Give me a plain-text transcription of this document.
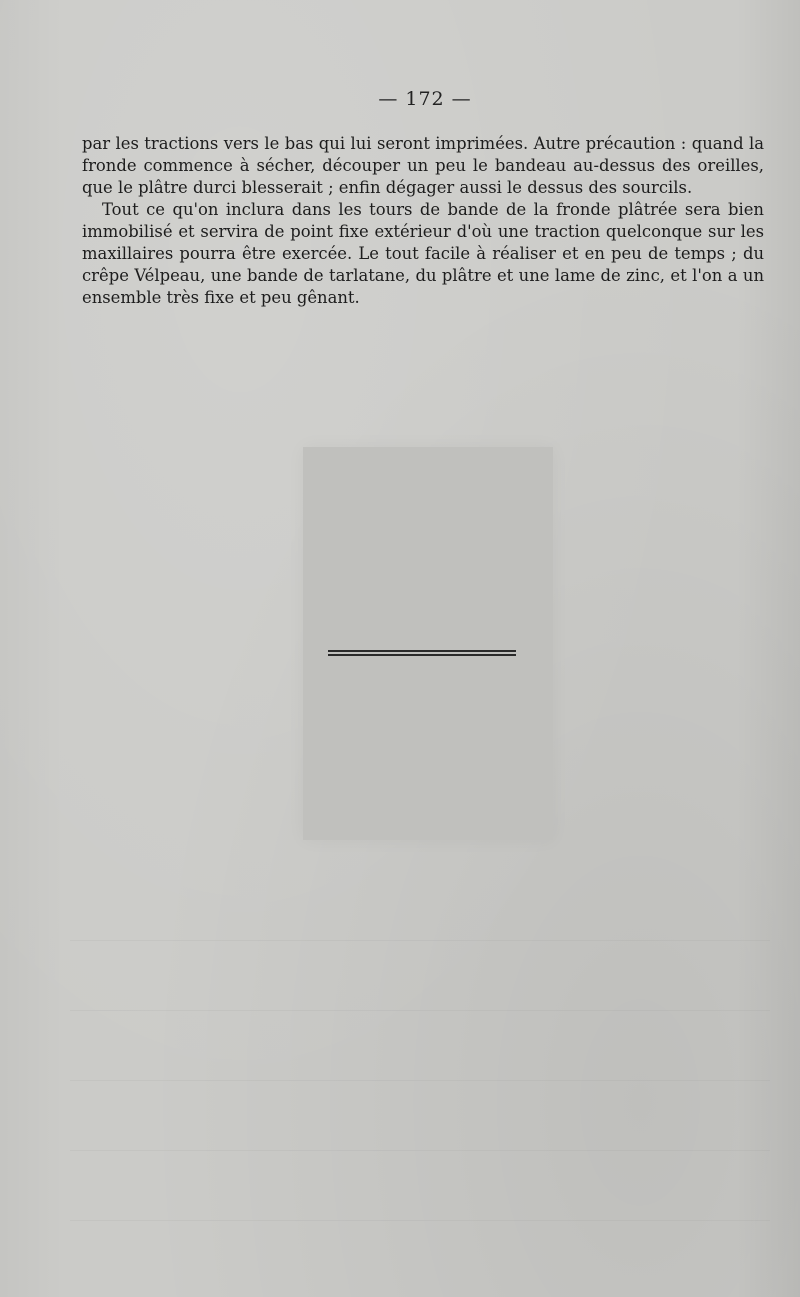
— 172 —

par les tractions vers le bas qui lui seront imprimées. Autre précaution : quand la fronde commence à sécher, découper un peu le bandeau au-dessus des oreilles, que le plâtre durci blesserait ; enfin dégager aussi le dessus des sourcils.

Tout ce qu'on inclura dans les tours de bande de la fronde plâtrée sera bien immobilisé et servira de point fixe extérieur d'où une traction quelconque sur les maxillaires pourra être exercée. Le tout facile à réaliser et en peu de temps ; du crêpe Vélpeau, une bande de tarlatane, du plâtre et une lame de zinc, et l'on a un ensemble très fixe et peu gênant.
